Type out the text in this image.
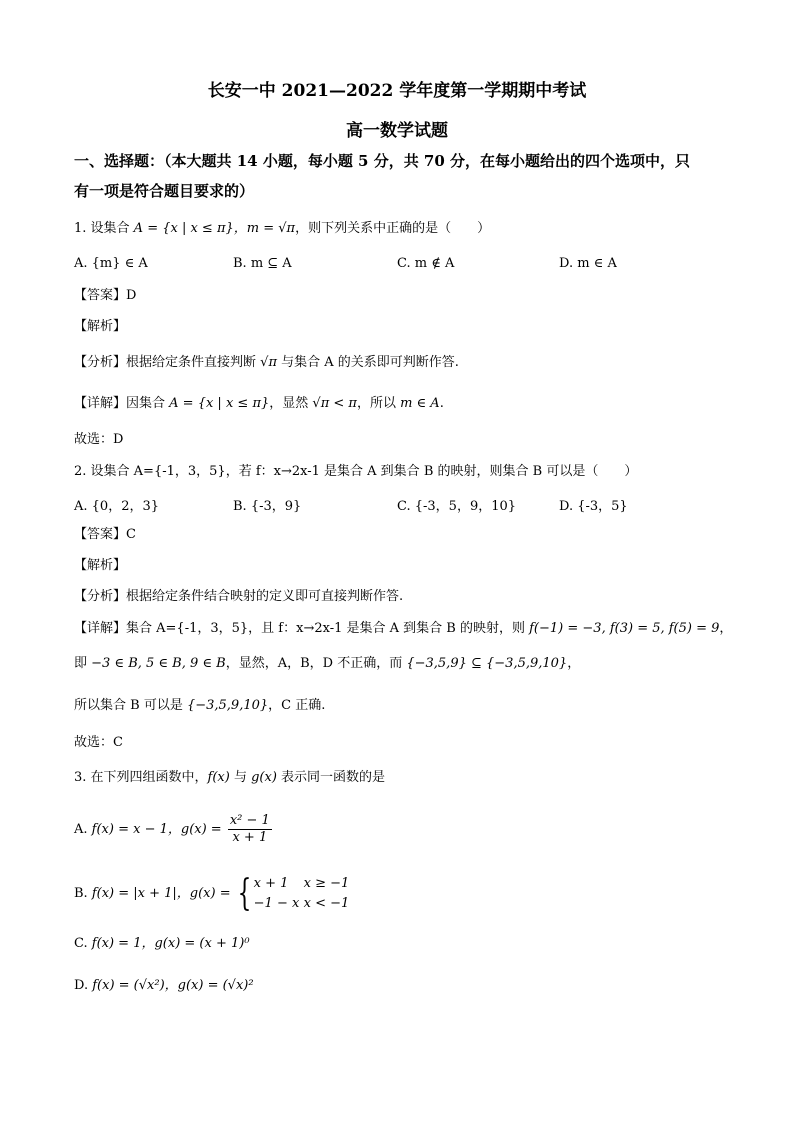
长安一中 2021—2022 学年度第一学期期中考试
高一数学试题
一、选择题：（本大题共 14 小题，每小题 5 分，共 70 分，在每小题给出的四个选项中，只
有一项是符合题目要求的）
1. 设集合 A = {x | x ≤ π}，m = √π，则下列关系中正确的是（　　）
A. {m} ∈ A	B. m ⊆ A	C. m ∉ A	D. m ∈ A
【答案】D
【解析】
【分析】根据给定条件直接判断 √π 与集合 A 的关系即可判断作答.
【详解】因集合 A = {x | x ≤ π}，显然 √π < π，所以 m ∈ A.
故选：D
2. 设集合 A={-1，3，5}，若 f：x→2x-1 是集合 A 到集合 B 的映射，则集合 B 可以是（　　）
A. {0，2，3}	B. {-3，9}	C. {-3，5，9，10}	D. {-3，5}
【答案】C
【解析】
【分析】根据给定条件结合映射的定义即可直接判断作答.
【详解】集合 A={-1，3，5}，且 f：x→2x-1 是集合 A 到集合 B 的映射，则 f(−1) = −3, f(3) = 5, f(5) = 9，
即 −3 ∈ B, 5 ∈ B, 9 ∈ B，显然，A，B，D 不正确，而 {−3,5,9} ⊆ {−3,5,9,10}，
所以集合 B 可以是 {−3,5,9,10}，C 正确.
故选：C
3. 在下列四组函数中，f(x) 与 g(x) 表示同一函数的是
A. f(x) = x − 1，$g(x) = \frac{\text{x² − 1}}{x + 1}$
B. f(x) = |x + 1|，g(x) = { x + 1 x ≥ −1
−1 − x x < −1
C. f(x) = 1，g(x) = (x + 1)⁰
D. f(x) = (√x²)，g(x) = (√x)²
